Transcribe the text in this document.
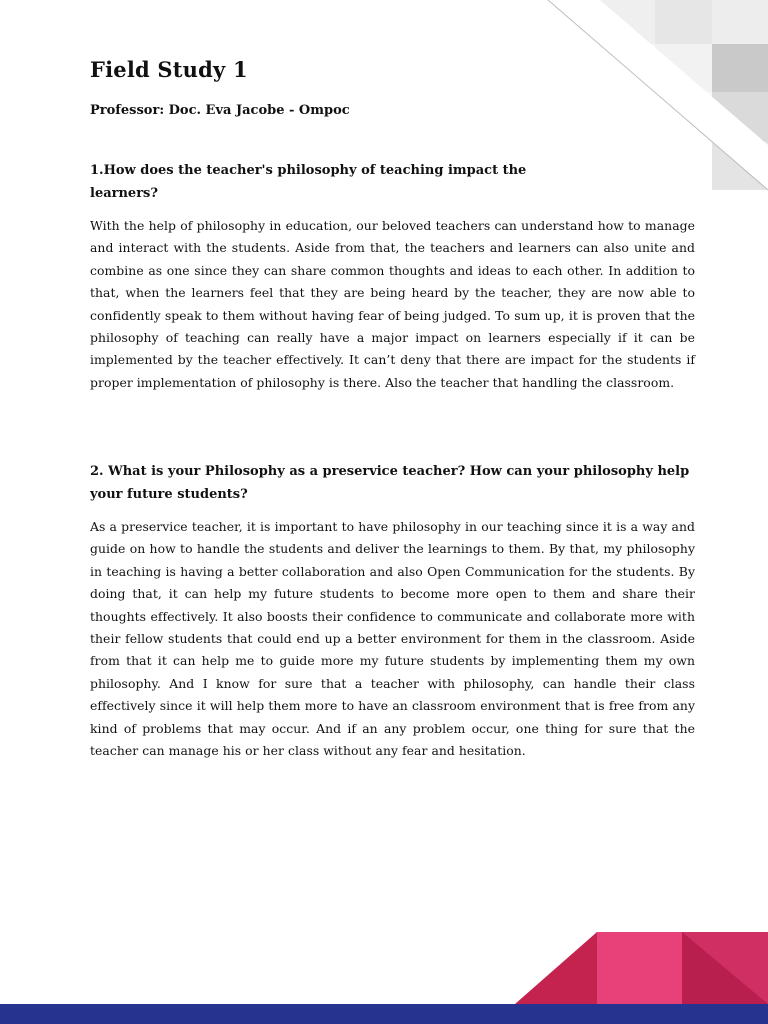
Field Study 1

Professor: Doc. Eva Jacobe - Ompoc

1.How does the teacher's philosophy of teaching impact the learners?

With the help of philosophy in education, our beloved teachers can understand how to manage and interact with the students. Aside from that, the teachers and learners can also unite and combine as one since they can share common thoughts and ideas to each other. In addition to that, when the learners feel that they are being heard by the teacher, they are now able to confidently speak to them without having fear of being judged. To sum up, it is proven that the philosophy of teaching can really have a major impact on learners especially if it can be implemented by the teacher effectively. It can’t deny that there are impact for the students if proper implementation of philosophy is there. Also the teacher that handling the classroom.

2. What is your Philosophy as a preservice teacher? How can your philosophy help your future students?

As a preservice teacher, it is important to have philosophy in our teaching since it is a way and guide on how to handle the students and deliver the learnings to them. By that, my philosophy in teaching is having a better collaboration and also Open Communication for the students. By doing that, it can help my future students to become more open to them and share their thoughts effectively. It also boosts their confidence to communicate and collaborate more with their fellow students that could end up a better environment for them in the classroom. Aside from that it can help me to guide more my future students by implementing them my own philosophy. And I know for sure that a teacher with philosophy, can handle their class effectively since it will help them more to have an classroom environment that is free from any kind of problems that may occur. And if an any problem occur, one thing for sure that the teacher can manage his or her class without any fear and hesitation.
